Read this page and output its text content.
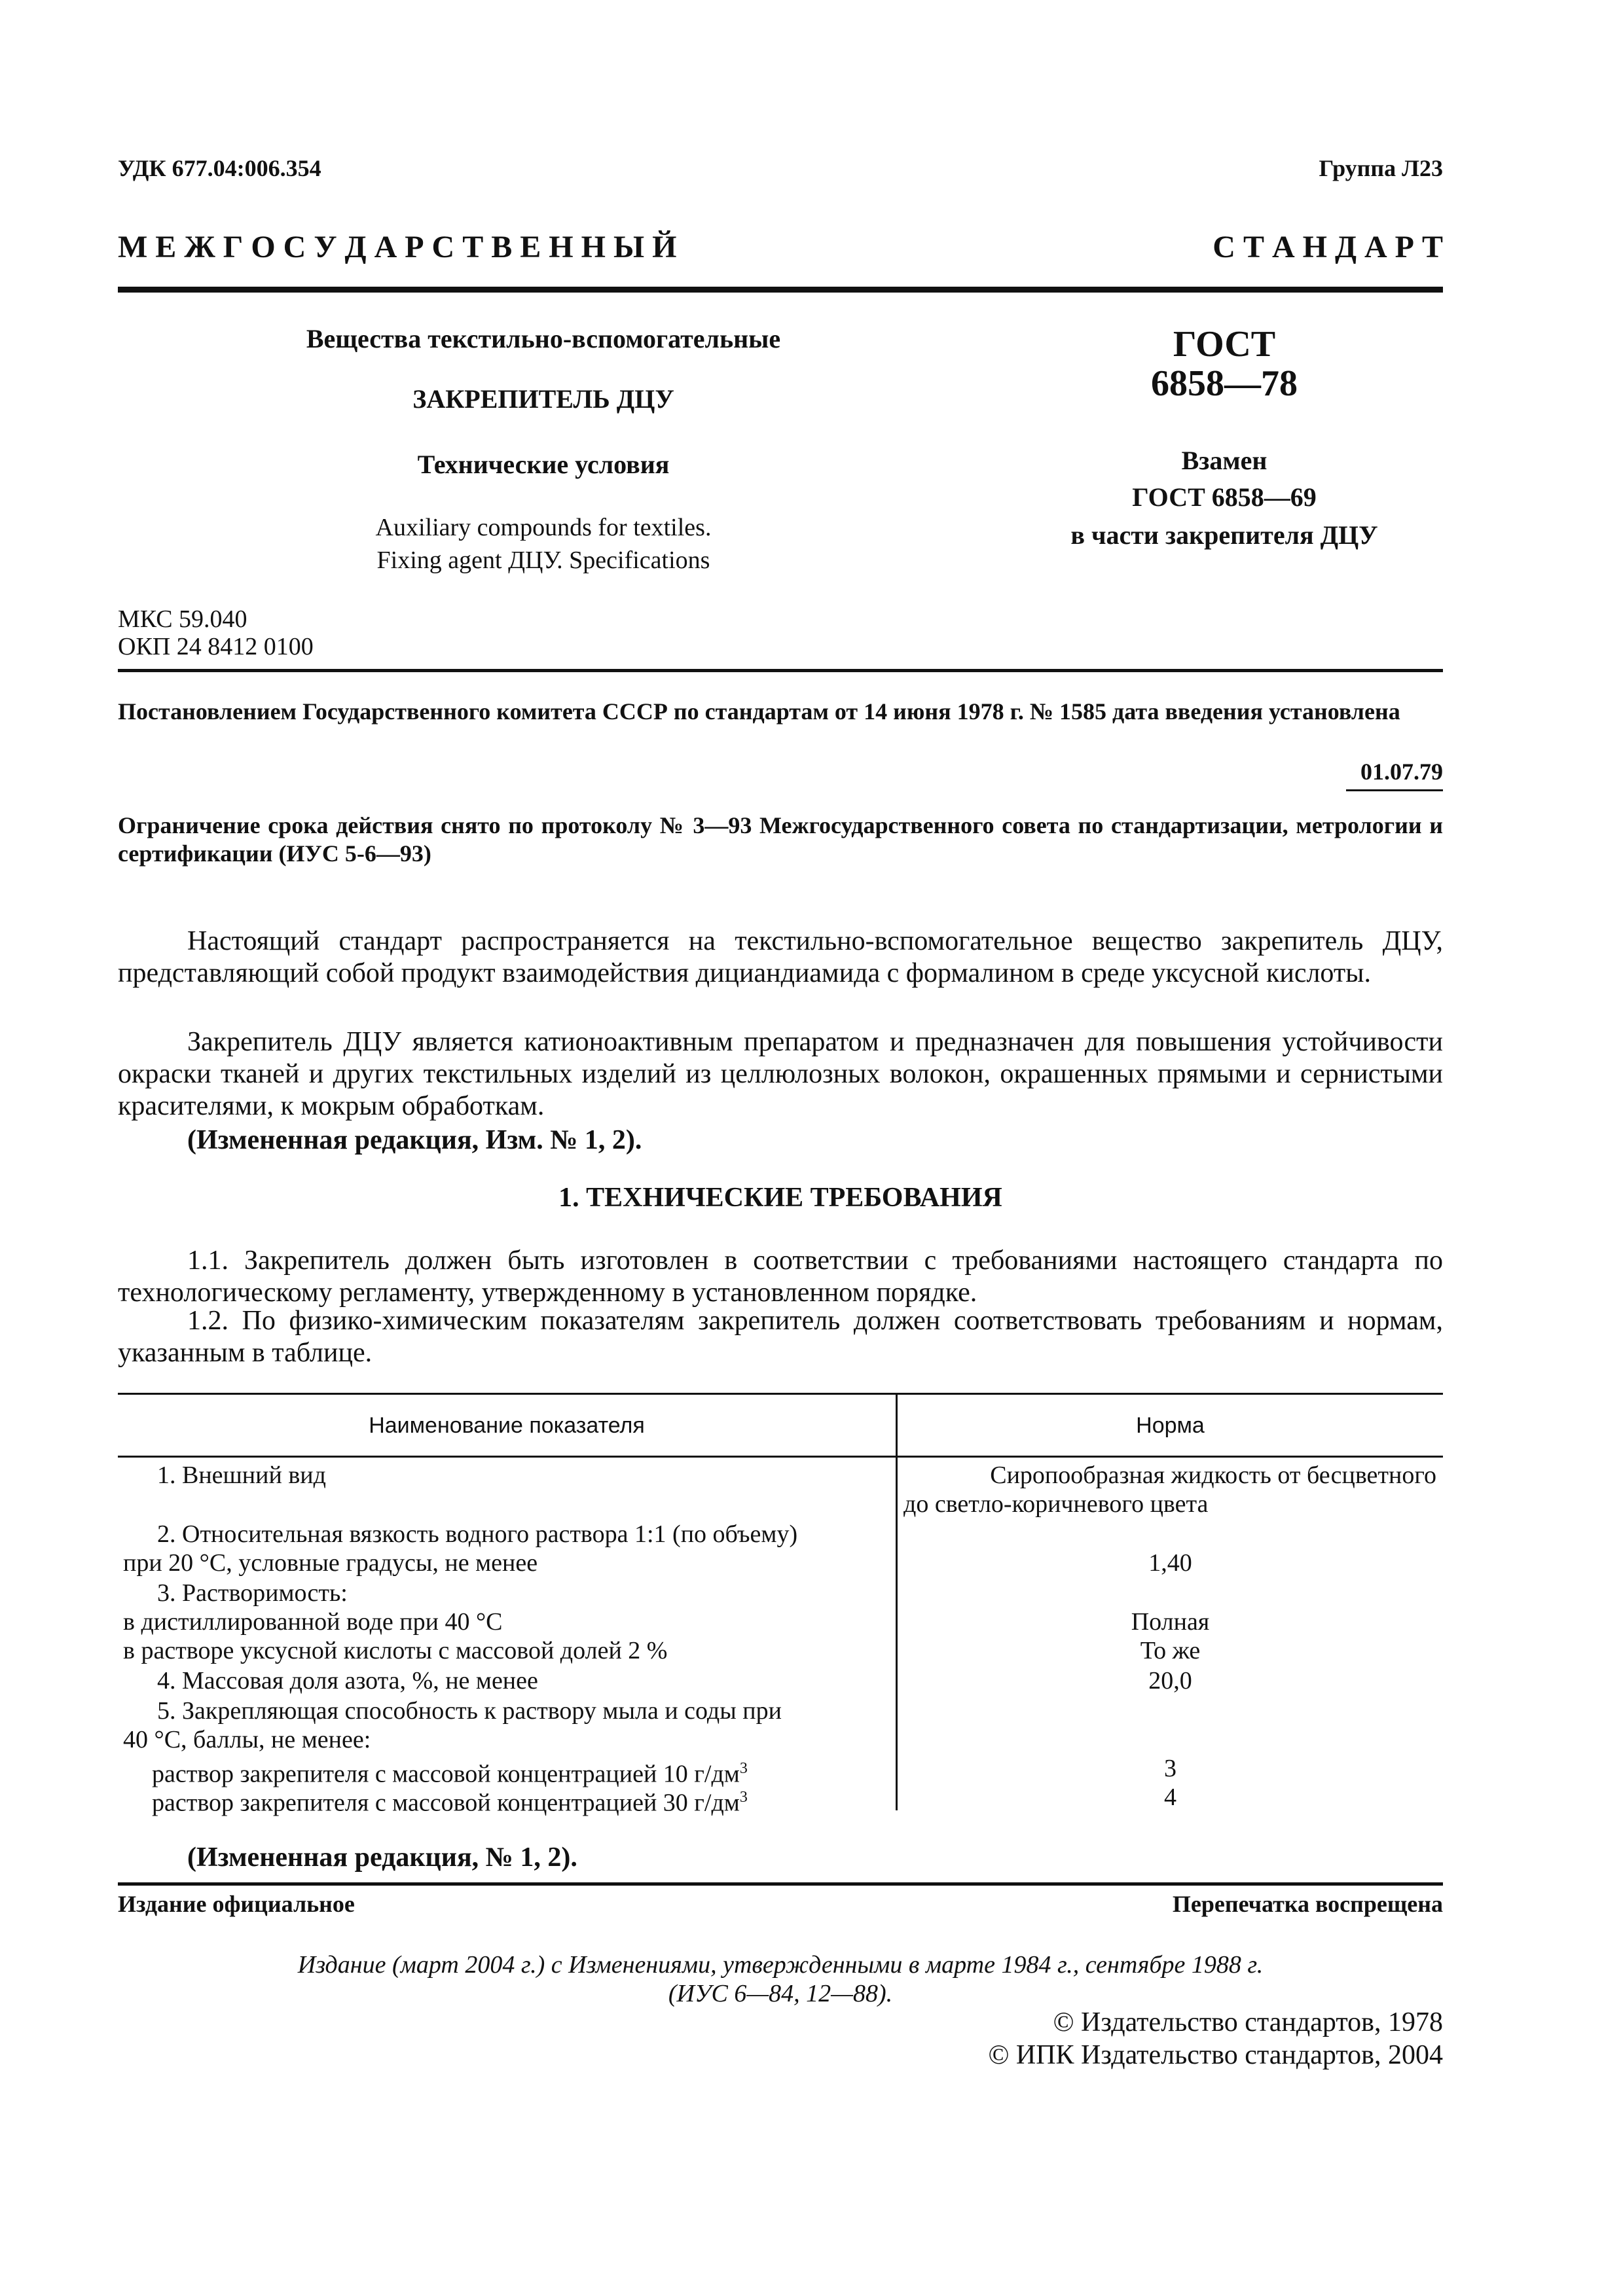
УДК 677.04:006.354	Группа Л23
М Е Ж Г О С У Д А Р С Т В Е Н Н Ы Й	С Т А Н Д А Р Т
Вещества текстильно-вспомогательные
ЗАКРЕПИТЕЛЬ ДЦУ
Технические условия
Auxiliary compounds for textiles.
Fixing agent ДЦУ. Specifications
ГОСТ
6858—78
Взамен
ГОСТ 6858—69
в части закрепителя ДЦУ
МКС 59.040
ОКП 24 8412 0100

Постановлением Государственного комитета СССР по стандартам от 14 июня 1978 г. № 1585 дата введения установлена

01.07.79

Ограничение срока действия снято по протоколу № 3—93 Межгосударственного совета по стандартизации, метрологии и сертификации (ИУС 5-6—93)

Настоящий стандарт распространяется на текстильно-вспомогательное вещество закрепитель ДЦУ, представляющий собой продукт взаимодействия дициандиамида с формалином в среде уксусной кислоты.

Закрепитель ДЦУ является катионоактивным препаратом и предназначен для повышения устойчивости окраски тканей и других текстильных изделий из целлюлозных волокон, окрашенных прямыми и сернистыми красителями, к мокрым обработкам.

(Измененная редакция, Изм. № 1, 2).
1. ТЕХНИЧЕСКИЕ ТРЕБОВАНИЯ

1.1. Закрепитель должен быть изготовлен в соответствии с требованиями настоящего стандарта по технологическому регламенту, утвержденному в установленном порядке.

1.2. По физико-химическим показателям закрепитель должен соответствовать требованиям и нормам, указанным в таблице.

Наименование показателя	Норма
1. Внешний вид	Сиропообразная жидкость от бесцветного
до светло-коричневого цвета
2. Относительная вязкость водного раствора 1:1 (по объему)
при 20 °С, условные градусы, не менее	1,40
3. Растворимость:
в дистиллированной воде при 40 °С	Полная
в растворе уксусной кислоты с массовой долей 2 %	То же
4. Массовая доля азота, %, не менее	20,0
5. Закрепляющая способность к раствору мыла и соды при
40 °С, баллы, не менее:
раствор закрепителя с массовой концентрацией 10 $г/дм^3$	3
раствор закрепителя с массовой концентрацией 30 $г/дм^3$	4
(Измененная редакция, № 1, 2).
Издание официальное	Перепечатка воспрещена
Издание (март 2004 г.) с Изменениями, утвержденными в марте 1984 г., сентябре 1988 г.
(ИУС 6—84, 12—88).
© Издательство стандартов, 1978
© ИПК Издательство стандартов, 2004
